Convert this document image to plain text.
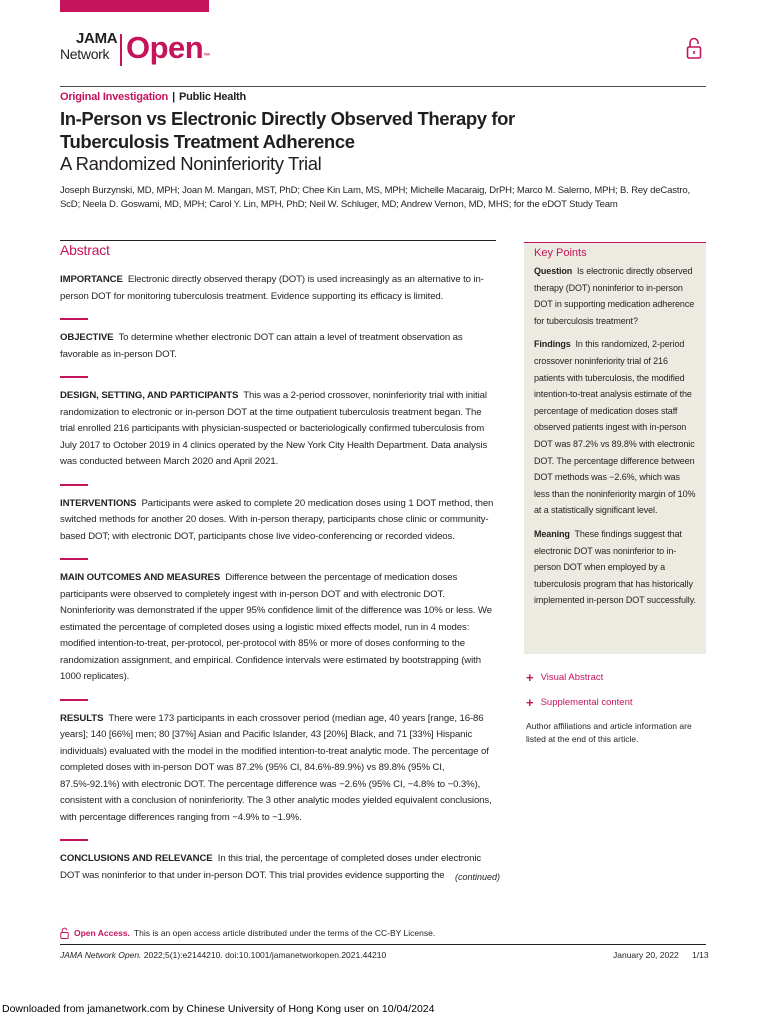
JAMA
Network Open™
Original Investigation | Public Health
In-Person vs Electronic Directly Observed Therapy for Tuberculosis Treatment Adherence
A Randomized Noninferiority Trial

Joseph Burzynski, MD, MPH; Joan M. Mangan, MST, PhD; Chee Kin Lam, MS, MPH; Michelle Macaraig, DrPH; Marco M. Salerno, MPH; B. Rey deCastro, ScD; Neela D. Goswami, MD, MPH; Carol Y. Lin, MPH, PhD; Neil W. Schluger, MD; Andrew Vernon, MD, MHS; for the eDOT Study Team

Abstract
IMPORTANCE Electronic directly observed therapy (DOT) is used increasingly as an alternative to in-person DOT for monitoring tuberculosis treatment. Evidence supporting its efficacy is limited.
OBJECTIVE To determine whether electronic DOT can attain a level of treatment observation as favorable as in-person DOT.
DESIGN, SETTING, AND PARTICIPANTS This was a 2-period crossover, noninferiority trial with initial randomization to electronic or in-person DOT at the time outpatient tuberculosis treatment began. The trial enrolled 216 participants with physician-suspected or bacteriologically confirmed tuberculosis from July 2017 to October 2019 in 4 clinics operated by the New York City Health Department. Data analysis was conducted between March 2020 and April 2021.
INTERVENTIONS Participants were asked to complete 20 medication doses using 1 DOT method, then switched methods for another 20 doses. With in-person therapy, participants chose clinic or community-based DOT; with electronic DOT, participants chose live video-conferencing or recorded videos.
MAIN OUTCOMES AND MEASURES Difference between the percentage of medication doses participants were observed to completely ingest with in-person DOT and with electronic DOT. Noninferiority was demonstrated if the upper 95% confidence limit of the difference was 10% or less. We estimated the percentage of completed doses using a logistic mixed effects model, run in 4 modes: modified intention-to-treat, per-protocol, per-protocol with 85% or more of doses conforming to the randomization assignment, and empirical. Confidence intervals were estimated by bootstrapping (with 1000 replicates).
RESULTS There were 173 participants in each crossover period (median age, 40 years [range, 16-86 years]; 140 [66%] men; 80 [37%] Asian and Pacific Islander, 43 [20%] Black, and 71 [33%] Hispanic individuals) evaluated with the model in the modified intention-to-treat analytic mode. The percentage of completed doses with in-person DOT was 87.2% (95% CI, 84.6%-89.9%) vs 89.8% (95% CI, 87.5%-92.1%) with electronic DOT. The percentage difference was −2.6% (95% CI, −4.8% to −0.3%), consistent with a conclusion of noninferiority. The 3 other analytic modes yielded equivalent conclusions, with percentage differences ranging from −4.9% to −1.9%.
CONCLUSIONS AND RELEVANCE In this trial, the percentage of completed doses under electronic DOT was noninferior to that under in-person DOT. This trial provides evidence supporting the	(continued)
Key Points

Question Is electronic directly observed therapy (DOT) noninferior to in-person DOT in supporting medication adherence for tuberculosis treatment?

Findings In this randomized, 2-period crossover noninferiority trial of 216 patients with tuberculosis, the modified intention-to-treat analysis estimate of the percentage of medication doses staff observed patients ingest with in-person DOT was 87.2% vs 89.8% with electronic DOT. The percentage difference between DOT methods was −2.6%, which was less than the noninferiority margin of 10% at a statistically significant level.

Meaning These findings suggest that electronic DOT was noninferior to in-person DOT when employed by a tuberculosis program that has historically implemented in-person DOT successfully.

+ Visual Abstract
+ Supplemental content

Author affiliations and article information are listed at the end of this article.

Open Access. This is an open access article distributed under the terms of the CC-BY License.
JAMA Network Open. 2022;5(1):e2144210. doi:10.1001/jamanetworkopen.2021.44210	January 20, 2022 1/13
Downloaded from jamanetwork.com by Chinese University of Hong Kong user on 10/04/2024
